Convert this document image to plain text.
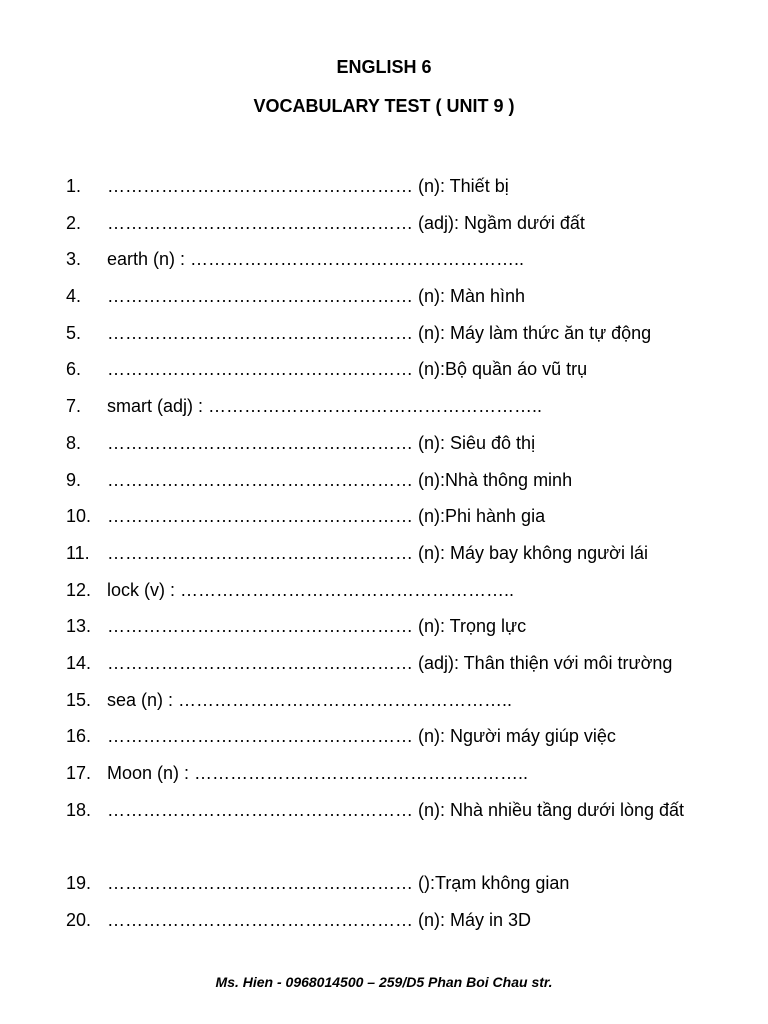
ENGLISH 6
VOCABULARY TEST ( UNIT 9 )
1. …………………………………………… (n): Thiết bị
2. …………………………………………… (adj): Ngầm dưới đất
3. earth (n) : ………………………………………………..
4. …………………………………………… (n): Màn hình
5. …………………………………………… (n): Máy làm thức ăn tự động
6. …………………………………………… (n):Bộ quần áo vũ trụ
7. smart (adj) : ………………………………………………..
8. …………………………………………… (n): Siêu đô thị
9. …………………………………………… (n):Nhà thông minh
10. …………………………………………… (n):Phi hành gia
11. …………………………………………… (n): Máy bay không người lái
12. lock (v) : ………………………………………………..
13. …………………………………………… (n): Trọng lực
14. …………………………………………… (adj): Thân thiện với môi trường
15. sea (n) : ………………………………………………..
16. …………………………………………… (n): Người máy giúp việc
17. Moon (n) : ………………………………………………..
18. …………………………………………… (n): Nhà nhiều tầng dưới lòng đất
19. …………………………………………… ():Trạm không gian
20. …………………………………………… (n): Máy in 3D
Ms. Hien - 0968014500 – 259/D5 Phan Boi Chau str.
